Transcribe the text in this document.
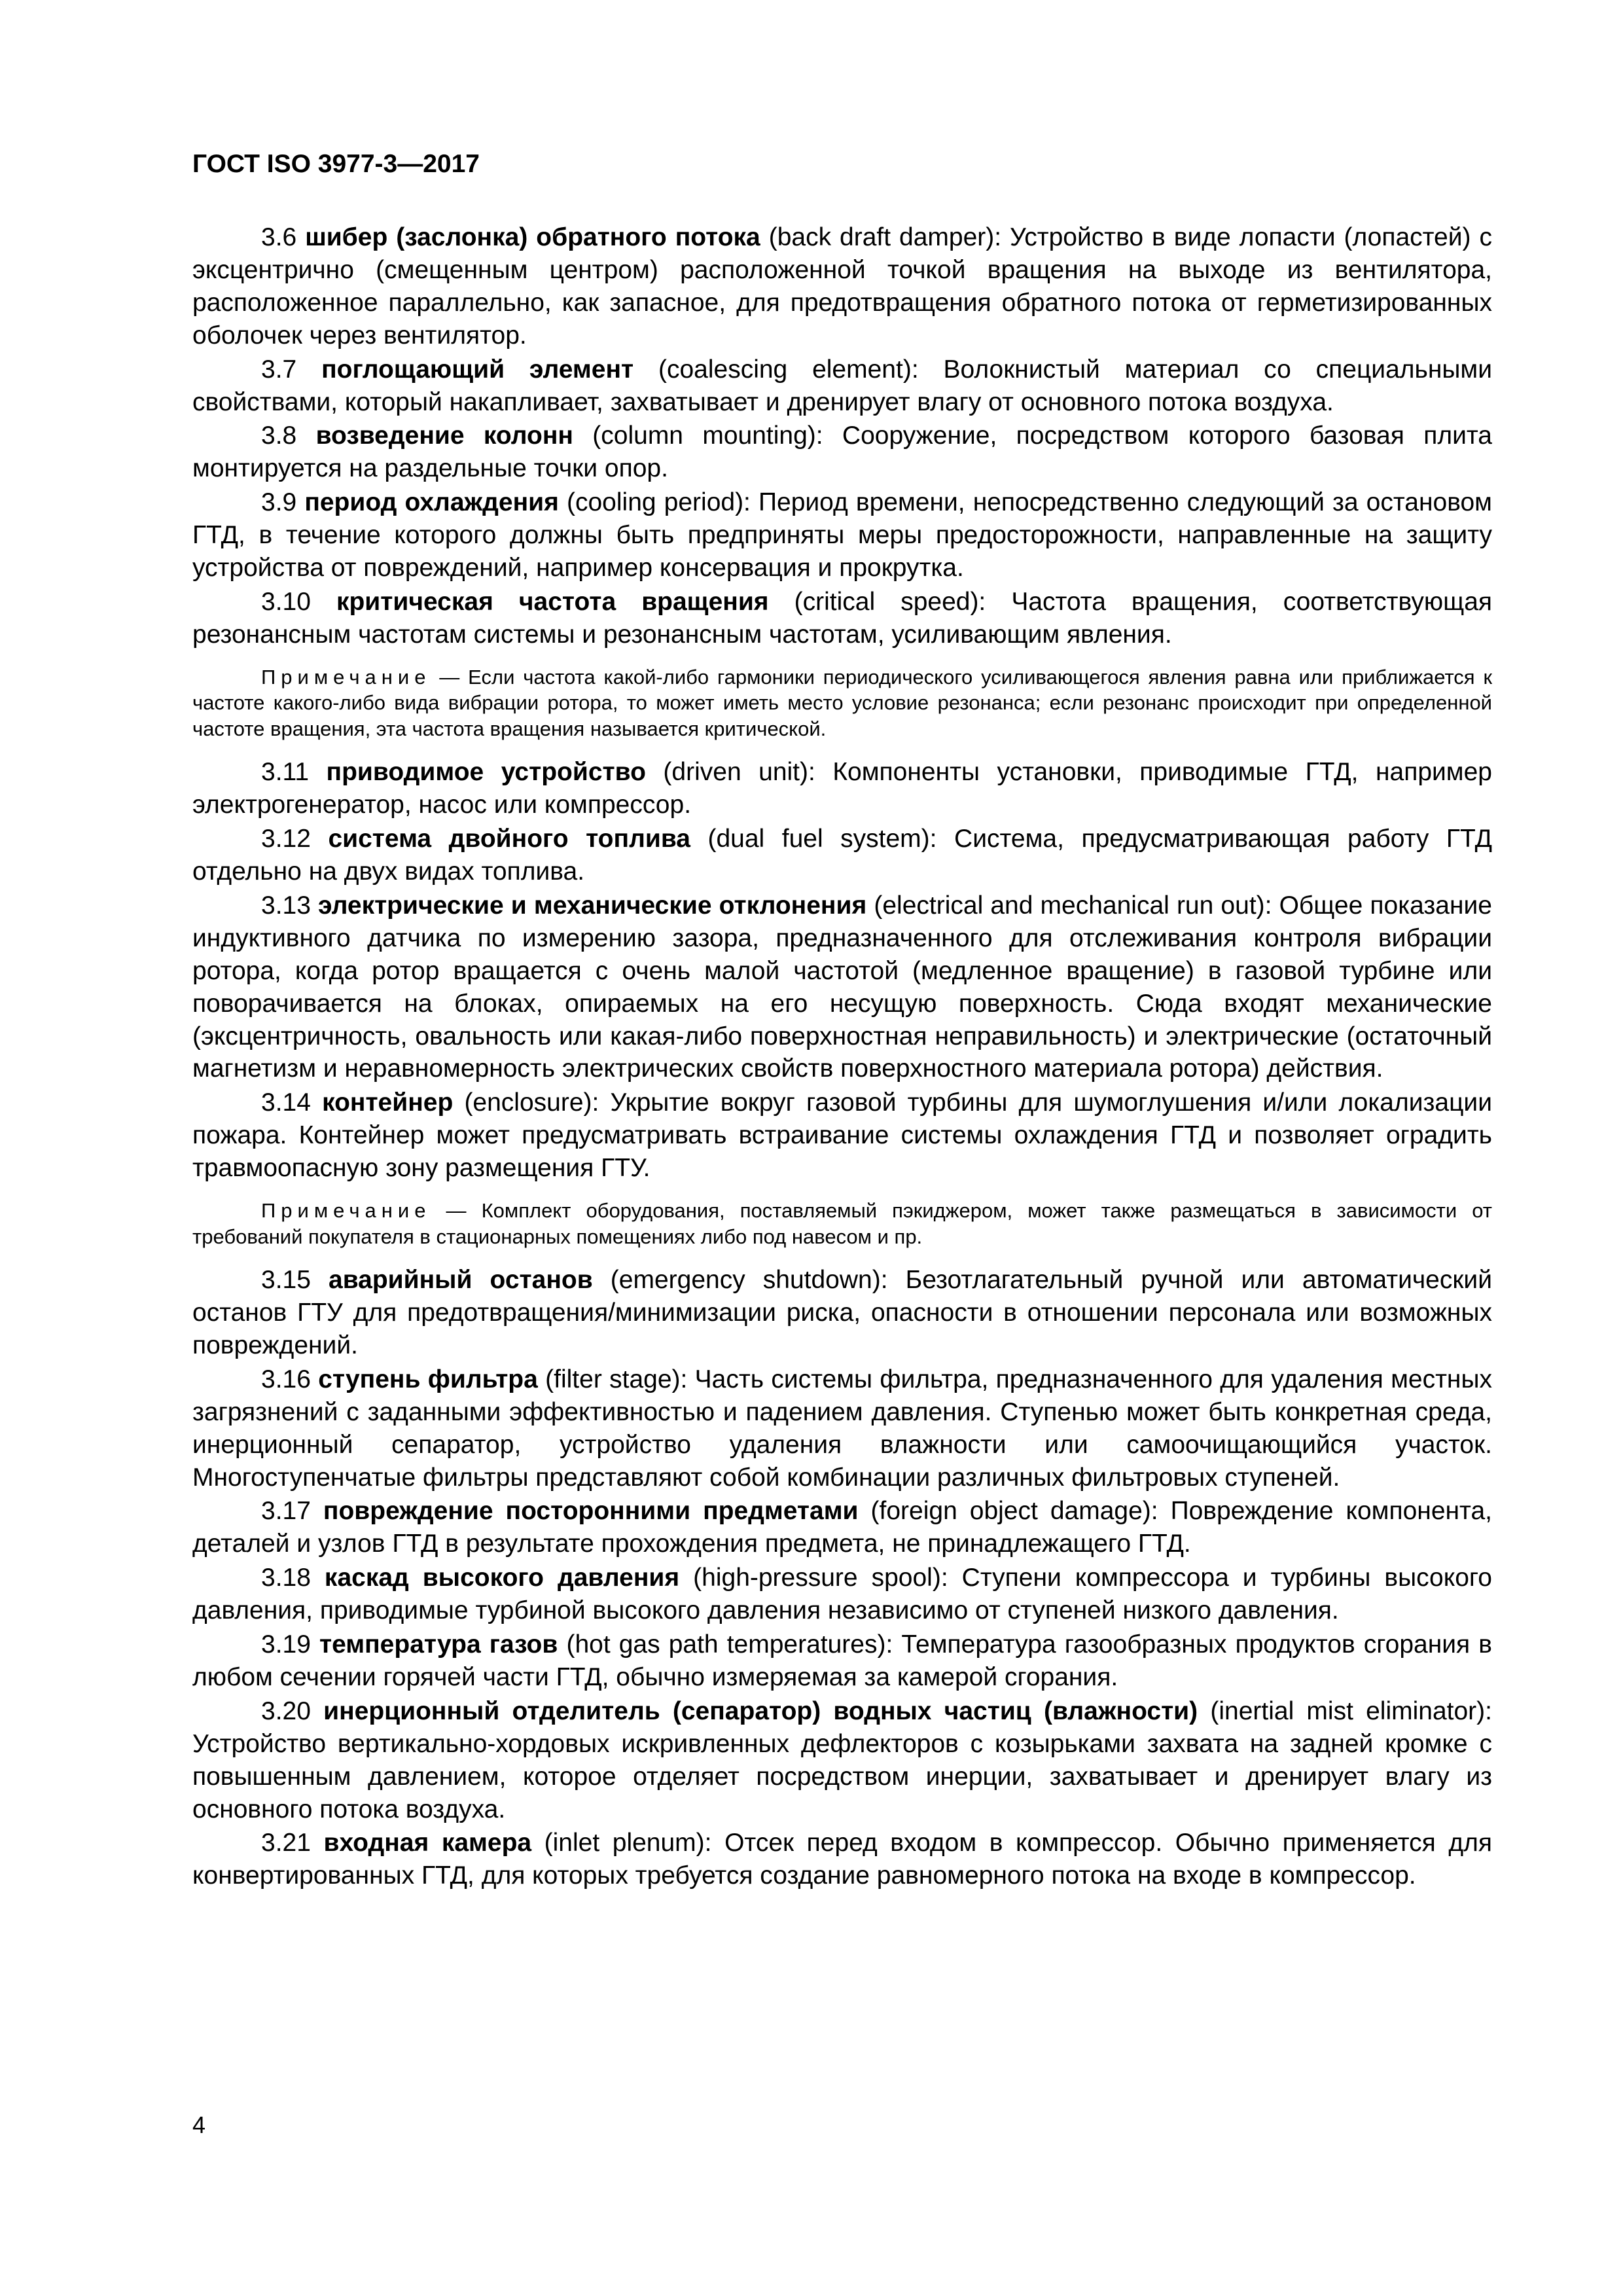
ГОСТ ISO 3977-3—2017

3.6 шибер (заслонка) обратного потока (back draft damper): Устройство в виде лопасти (лопастей) с эксцентрично (смещенным центром) расположенной точкой вращения на выходе из вентилятора, расположенное параллельно, как запасное, для предотвращения обратного потока от герметизированных оболочек через вентилятор.

3.7 поглощающий элемент (coalescing element): Волокнистый материал со специальными свойствами, который накапливает, захватывает и дренирует влагу от основного потока воздуха.

3.8 возведение колонн (column mounting): Сооружение, посредством которого базовая плита монтируется на раздельные точки опор.

3.9 период охлаждения (cooling period): Период времени, непосредственно следующий за остановом ГТД, в течение которого должны быть предприняты меры предосторожности, направленные на защиту устройства от повреждений, например консервация и прокрутка.

3.10 критическая частота вращения (critical speed): Частота вращения, соответствующая резонансным частотам системы и резонансным частотам, усиливающим явления.

Примечание — Если частота какой-либо гармоники периодического усиливающегося явления равна или приближается к частоте какого-либо вида вибрации ротора, то может иметь место условие резонанса; если резонанс происходит при определенной частоте вращения, эта частота вращения называется критической.

3.11 приводимое устройство (driven unit): Компоненты установки, приводимые ГТД, например электрогенератор, насос или компрессор.

3.12 система двойного топлива (dual fuel system): Система, предусматривающая работу ГТД отдельно на двух видах топлива.

3.13 электрические и механические отклонения (electrical and mechanical run out): Общее показание индуктивного датчика по измерению зазора, предназначенного для отслеживания контроля вибрации ротора, когда ротор вращается с очень малой частотой (медленное вращение) в газовой турбине или поворачивается на блоках, опираемых на его несущую поверхность. Сюда входят механические (эксцентричность, овальность или какая-либо поверхностная неправильность) и электрические (остаточный магнетизм и неравномерность электрических свойств поверхностного материала ротора) действия.

3.14 контейнер (enclosure): Укрытие вокруг газовой турбины для шумоглушения и/или локализации пожара. Контейнер может предусматривать встраивание системы охлаждения ГТД и позволяет оградить травмоопасную зону размещения ГТУ.

Примечание — Комплект оборудования, поставляемый пэкиджером, может также размещаться в зависимости от требований покупателя в стационарных помещениях либо под навесом и пр.

3.15 аварийный останов (emergency shutdown): Безотлагательный ручной или автоматический останов ГТУ для предотвращения/минимизации риска, опасности в отношении персонала или возможных повреждений.

3.16 ступень фильтра (filter stage): Часть системы фильтра, предназначенного для удаления местных загрязнений с заданными эффективностью и падением давления. Ступенью может быть конкретная среда, инерционный сепаратор, устройство удаления влажности или самоочищающийся участок. Многоступенчатые фильтры представляют собой комбинации различных фильтровых ступеней.

3.17 повреждение посторонними предметами (foreign object damage): Повреждение компонента, деталей и узлов ГТД в результате прохождения предмета, не принадлежащего ГТД.

3.18 каскад высокого давления (high-pressure spool): Ступени компрессора и турбины высокого давления, приводимые турбиной высокого давления независимо от ступеней низкого давления.

3.19 температура газов (hot gas path temperatures): Температура газообразных продуктов сгорания в любом сечении горячей части ГТД, обычно измеряемая за камерой сгорания.

3.20 инерционный отделитель (сепаратор) водных частиц (влажности) (inertial mist eliminator): Устройство вертикально-хордовых искривленных дефлекторов с козырьками захвата на задней кромке с повышенным давлением, которое отделяет посредством инерции, захватывает и дренирует влагу из основного потока воздуха.

3.21 входная камера (inlet plenum): Отсек перед входом в компрессор. Обычно применяется для конвертированных ГТД, для которых требуется создание равномерного потока на входе в компрессор.

4
